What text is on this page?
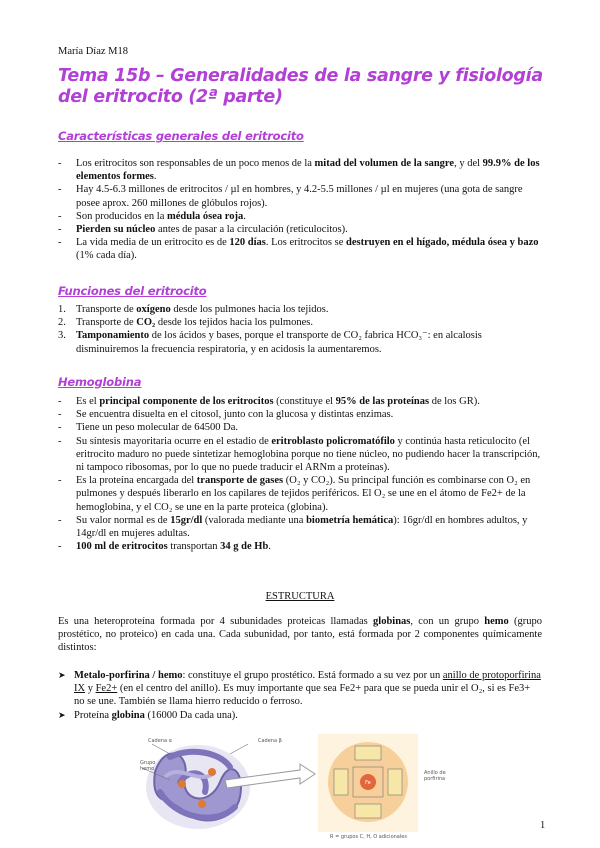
María Díaz M18
Tema 15b – Generalidades de la sangre y fisiología del eritrocito (2ª parte)
Características generales del eritrocito
- Los eritrocitos son responsables de un poco menos de la mitad del volumen de la sangre, y del 99.9% de los elementos formes.
- Hay 4.5-6.3 millones de eritrocitos / µl en hombres, y 4.2-5.5 millones / µl en mujeres (una gota de sangre posee aprox. 260 millones de glóbulos rojos).
- Son producidos en la médula ósea roja.
- Pierden su núcleo antes de pasar a la circulación (reticulocitos).
- La vida media de un eritrocito es de 120 días. Los eritrocitos se destruyen en el hígado, médula ósea y bazo (1% cada día).
Funciones del eritrocito
1. Transporte de oxígeno desde los pulmones hacia los tejidos.
2. Transporte de CO₂ desde los tejidos hacia los pulmones.
3. Tamponamiento de los ácidos y bases, porque el transporte de CO₂ fabrica HCO₃⁻: en alcalosis disminuiremos la frecuencia respiratoria, y en acidosis la aumentaremos.
Hemoglobina
- Es el principal componente de los eritrocitos (constituye el 95% de las proteínas de los GR).
- Se encuentra disuelta en el citosol, junto con la glucosa y distintas enzimas.
- Tiene un peso molecular de 64500 Da.
- Su síntesis mayoritaria ocurre en el estadio de eritroblasto policromatófilo y continúa hasta reticulocito (el eritrocito maduro no puede sintetizar hemoglobina porque no tiene núcleo, no pudiendo hacer la transcripción, ni tampoco ribosomas, por lo que no puede traducir el ARNm a proteínas).
- Es la proteína encargada del transporte de gases (O₂ y CO₂). Su principal función es combinarse con O₂ en pulmones y después liberarlo en los capilares de tejidos periféricos. El O₂ se une en el átomo de Fe2+ de la hemoglobina, y el CO₂ se une en la parte proteica (globina).
- Su valor normal es de 15gr/dl (valorada mediante una biometría hemática): 16gr/dl en hombres adultos, y 14gr/dl en mujeres adultas.
- 100 ml de eritrocitos transportan 34 g de Hb.
ESTRUCTURA

Es una heteroproteína formada por 4 subunidades proteicas llamadas globinas, con un grupo hemo (grupo prostético, no proteico) en cada una. Cada subunidad, por tanto, está formada por 2 componentes químicamente distintos:

➤ Metalo-porfirina / hemo: constituye el grupo prostético. Está formado a su vez por un anillo de protoporfirina IX y Fe2+ (en el centro del anillo). Es muy importante que sea Fe2+ para que se pueda unir el O₂, si es Fe3+ no se une. También se llama hierro reducido o ferroso.
➤ Proteína globina (16000 Da cada una).
Fe
Cadena α	Cadena β
Grupo hemo
Anillo de porfirina
R = grupos C, H, O adicionales
1
